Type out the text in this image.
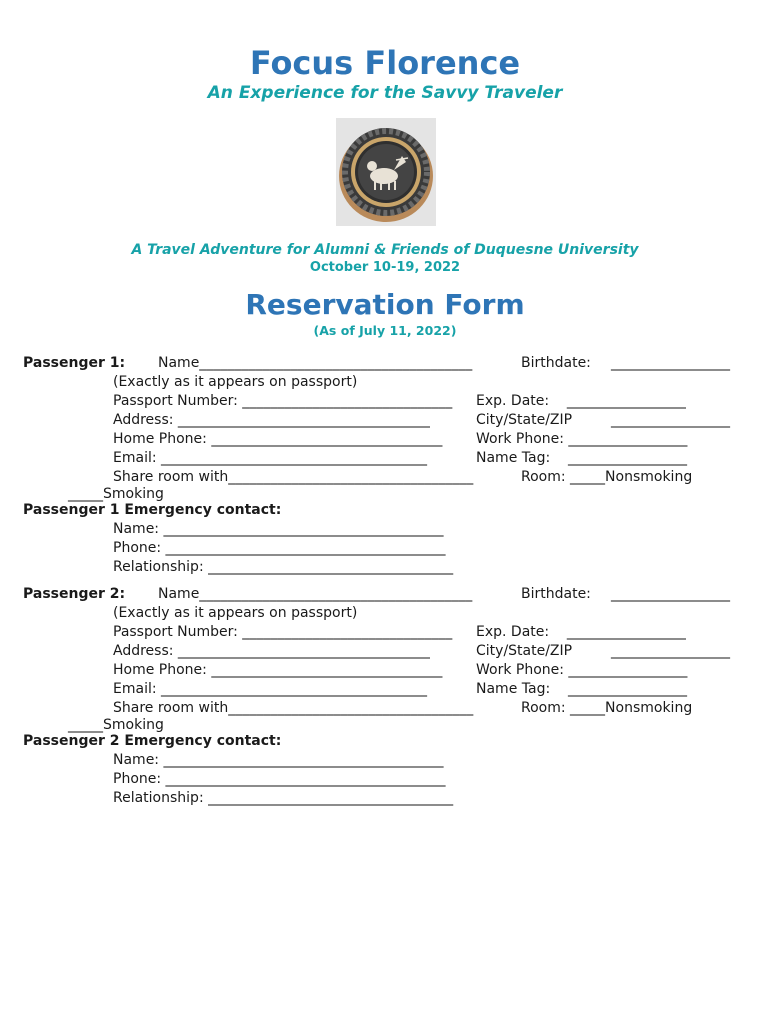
Focus Florence
An Experience for the Savvy Traveler
A Travel Adventure for Alumni & Friends of Duquesne University
October 10-19, 2022
Reservation Form
(As of July 11, 2022)
Passenger 1: Name_______________________________________	Birthdate: _________________
(Exactly as it appears on passport)
Passport Number: ______________________________ Exp. Date:    _________________
Address: ____________________________________	City/State/ZIP	_________________
Home Phone: _________________________________ Work Phone: _________________
Email: ______________________________________	Name Tag:    _________________
Share room with___________________________________	Room: _____Nonsmoking
_____Smoking
Passenger 1 Emergency contact:
Name: ________________________________________
Phone: ________________________________________
Relationship: ___________________________________
Passenger 2: Name_______________________________________	Birthdate: _________________
(Exactly as it appears on passport)
Passport Number: ______________________________ Exp. Date:    _________________
Address: ____________________________________	City/State/ZIP	_________________
Home Phone: _________________________________ Work Phone: _________________
Email: ______________________________________	Name Tag:    _________________
Share room with___________________________________	Room: _____Nonsmoking
_____Smoking
Passenger 2 Emergency contact:
Name: ________________________________________
Phone: ________________________________________
Relationship: ___________________________________
